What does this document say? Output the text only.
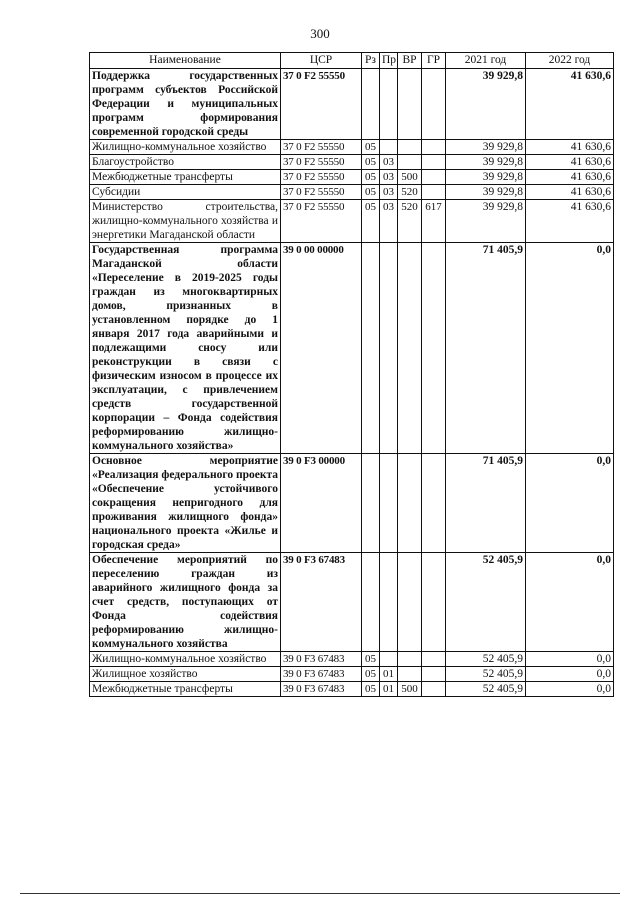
300
Наименование	ЦСР	Рз	Пр	ВР	ГР	2021 год	2022 год
Поддержка государственных программ субъектов Российской Федерации и муниципальных программ формирования современной городской среды	37 0 F2 55550					39 929,8	41 630,6
Жилищно-коммунальное хозяйство	37 0 F2 55550	05				39 929,8	41 630,6
Благоустройство	37 0 F2 55550	05	03			39 929,8	41 630,6
Межбюджетные трансферты	37 0 F2 55550	05	03	500		39 929,8	41 630,6
Субсидии	37 0 F2 55550	05	03	520		39 929,8	41 630,6
Министерство строительства, жилищно-коммунального хозяйства и энергетики Магаданской области	37 0 F2 55550	05	03	520	617	39 929,8	41 630,6
Государственная программа Магаданской области «Переселение в 2019-2025 годы граждан из многоквартирных домов, признанных в установленном порядке до 1 января 2017 года аварийными и подлежащими сносу или реконструкции в связи с физическим износом в процессе их эксплуатации, с привлечением средств государственной корпорации – Фонда содействия реформированию жилищно-коммунального хозяйства»	39 0 00 00000					71 405,9	0,0
Основное мероприятие «Реализация федерального проекта «Обеспечение устойчивого сокращения непригодного для проживания жилищного фонда» национального проекта «Жилье и городская среда»	39 0 F3 00000					71 405,9	0,0
Обеспечение мероприятий по переселению граждан из аварийного жилищного фонда за счет средств, поступающих от Фонда содействия реформированию жилищно-коммунального хозяйства	39 0 F3 67483					52 405,9	0,0
Жилищно-коммунальное хозяйство	39 0 F3 67483	05				52 405,9	0,0
Жилищное хозяйство	39 0 F3 67483	05	01			52 405,9	0,0
Межбюджетные трансферты	39 0 F3 67483	05	01	500		52 405,9	0,0
